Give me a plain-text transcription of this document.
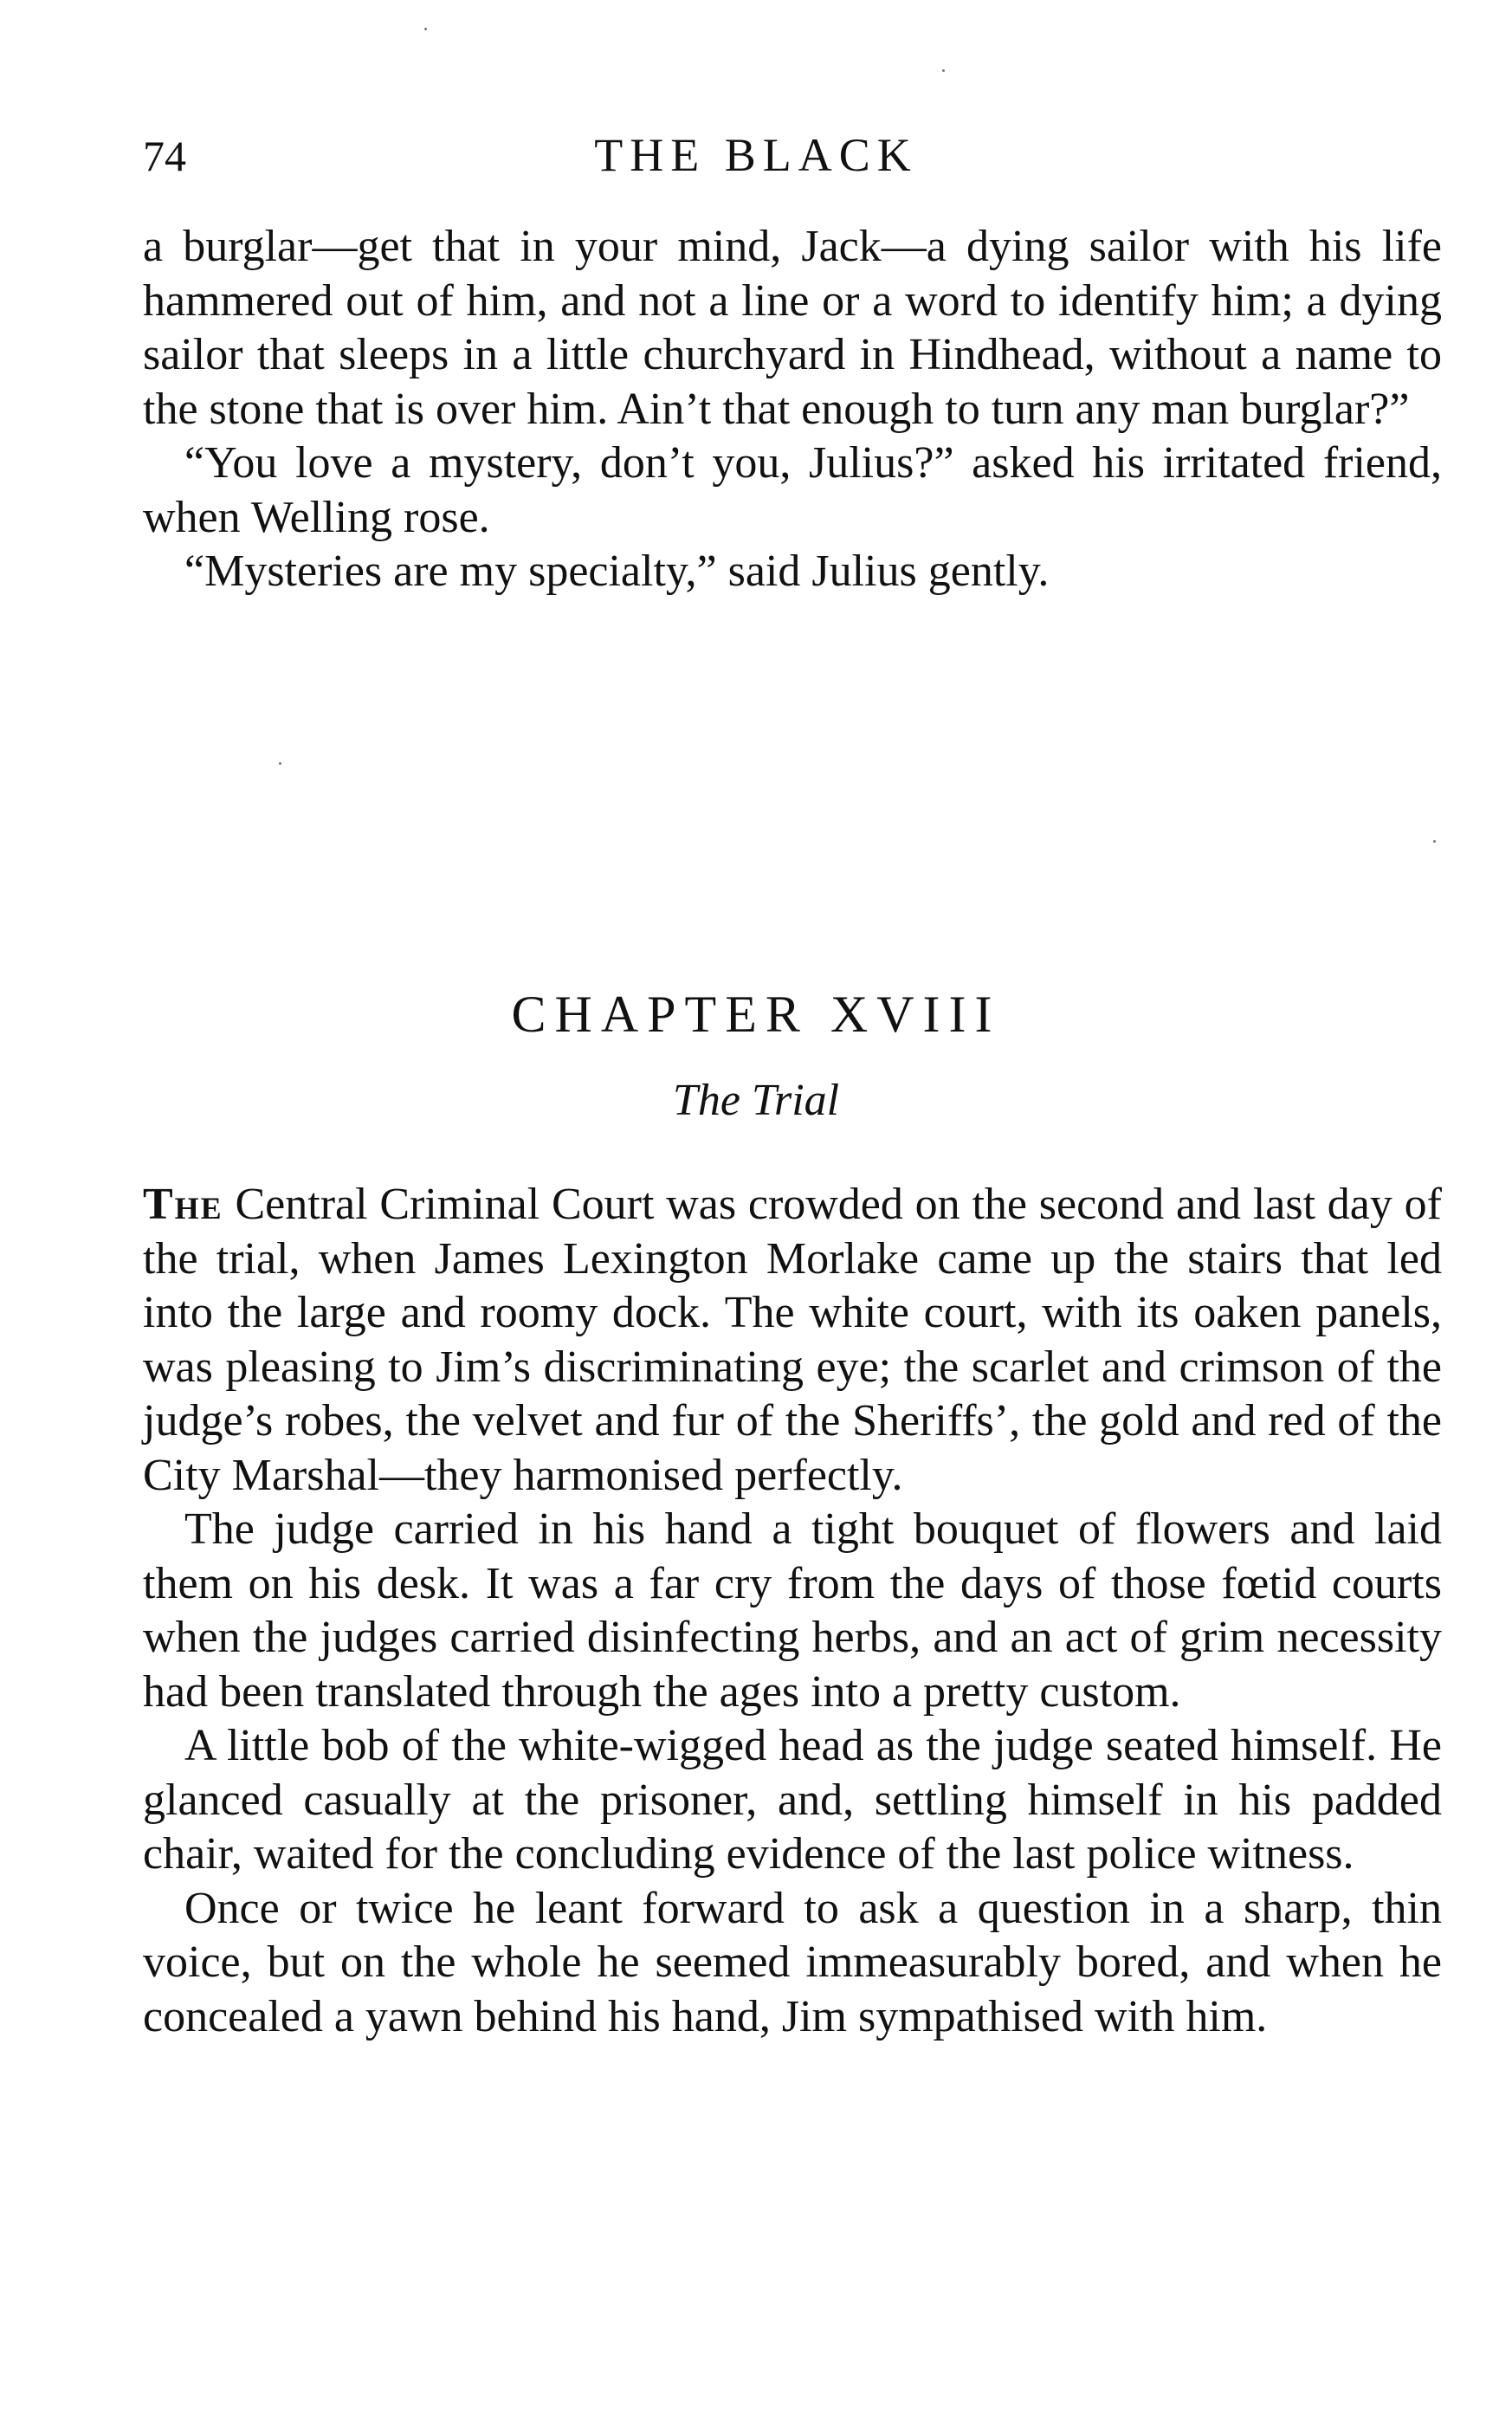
74	THE BLACK

a burglar—get that in your mind, Jack—a dying sailor with his life hammered out of him, and not a line or a word to identify him; a dying sailor that sleeps in a little churchyard in Hindhead, without a name to the stone that is over him. Ain’t that enough to turn any man burglar?”

“You love a mystery, don’t you, Julius?” asked his irritated friend, when Welling rose.

“Mysteries are my specialty,” said Julius gently.

CHAPTER XVIII
The Trial

The Central Criminal Court was crowded on the second and last day of the trial, when James Lexington Morlake came up the stairs that led into the large and roomy dock. The white court, with its oaken panels, was pleasing to Jim’s discriminating eye; the scarlet and crimson of the judge’s robes, the velvet and fur of the Sheriffs’, the gold and red of the City Marshal—they harmonised perfectly.

The judge carried in his hand a tight bouquet of flowers and laid them on his desk. It was a far cry from the days of those fœtid courts when the judges carried disinfecting herbs, and an act of grim necessity had been translated through the ages into a pretty custom.

A little bob of the white-wigged head as the judge seated himself. He glanced casually at the prisoner, and, settling himself in his padded chair, waited for the concluding evidence of the last police witness.

Once or twice he leant forward to ask a question in a sharp, thin voice, but on the whole he seemed immeasurably bored, and when he concealed a yawn behind his hand, Jim sympathised with him.
